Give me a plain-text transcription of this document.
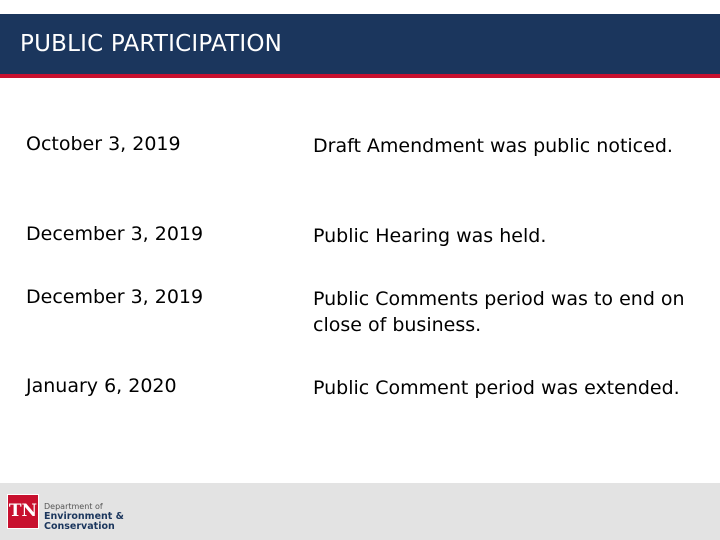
PUBLIC PARTICIPATION
October 3, 2019	Draft Amendment was public noticed.
December 3, 2019	Public Hearing was held.
December 3, 2019	Public Comments period was to end on close of business.
January 6, 2020	Public Comment period was extended.
TN Department of
Environment &
Conservation
